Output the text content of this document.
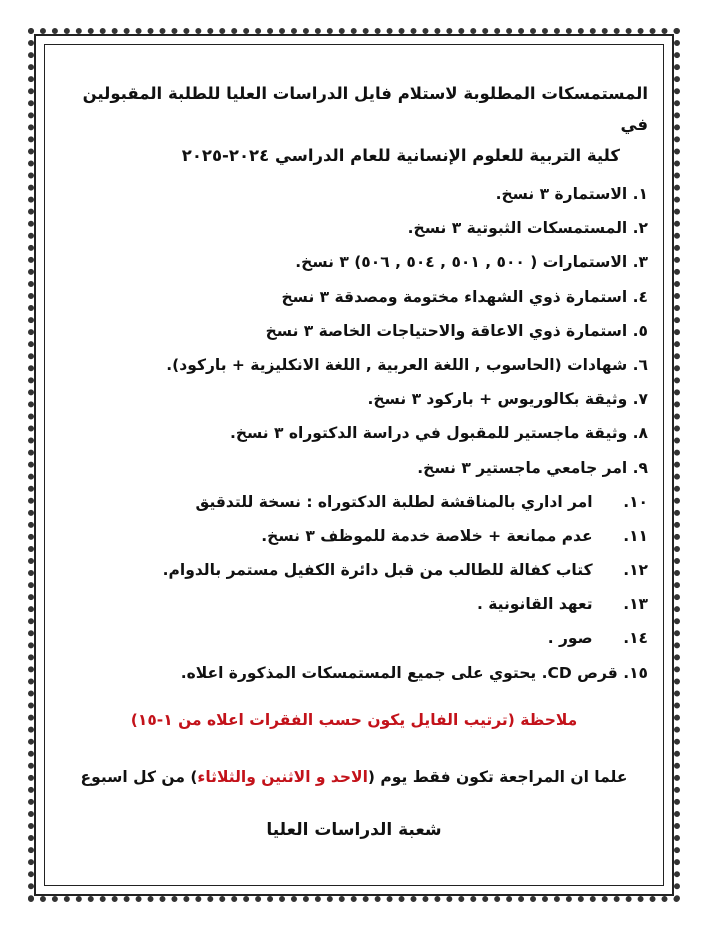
المستمسكات المطلوبة لاستلام فايل الدراسات العليا للطلبة المقبولين في
كلية التربية للعلوم الإنسانية للعام الدراسي ٢٠٢٤-٢٠٢٥
١. الاستمارة ٣ نسخ.
٢. المستمسكات الثبوتية ٣ نسخ.
٣. الاستمارات ( ٥٠٠ , ٥٠١ , ٥٠٤ , ٥٠٦) ٣ نسخ.
٤. استمارة ذوي الشهداء مختومة ومصدقة ٣ نسخ
٥. استمارة ذوي الاعاقة والاحتياجات الخاصة ٣ نسخ
٦. شهادات (الحاسوب , اللغة العربية , اللغة الانكليزية + باركود).
٧. وثيقة بكالوريوس + باركود ٣ نسخ.
٨. وثيقة ماجستير للمقبول في دراسة الدكتوراه ٣ نسخ.
٩. امر جامعي ماجستير ٣ نسخ.
١٠. امر اداري بالمناقشة لطلبة الدكتوراه : نسخة للتدقيق
١١. عدم ممانعة + خلاصة خدمة للموظف ٣ نسخ.
١٢. كتاب كفالة للطالب من قبل دائرة الكفيل مستمر بالدوام.
١٣. تعهد القانونية .
١٤. صور .
١٥. قرص CD. يحتوي على جميع المستمسكات المذكورة اعلاه.
ملاحظة (ترتيب الفايل يكون حسب الفقرات اعلاه من ١-١٥)
علما ان المراجعة تكون فقط يوم (الاحد و الاثنين والثلاثاء) من كل اسبوع
شعبة الدراسات العليا
